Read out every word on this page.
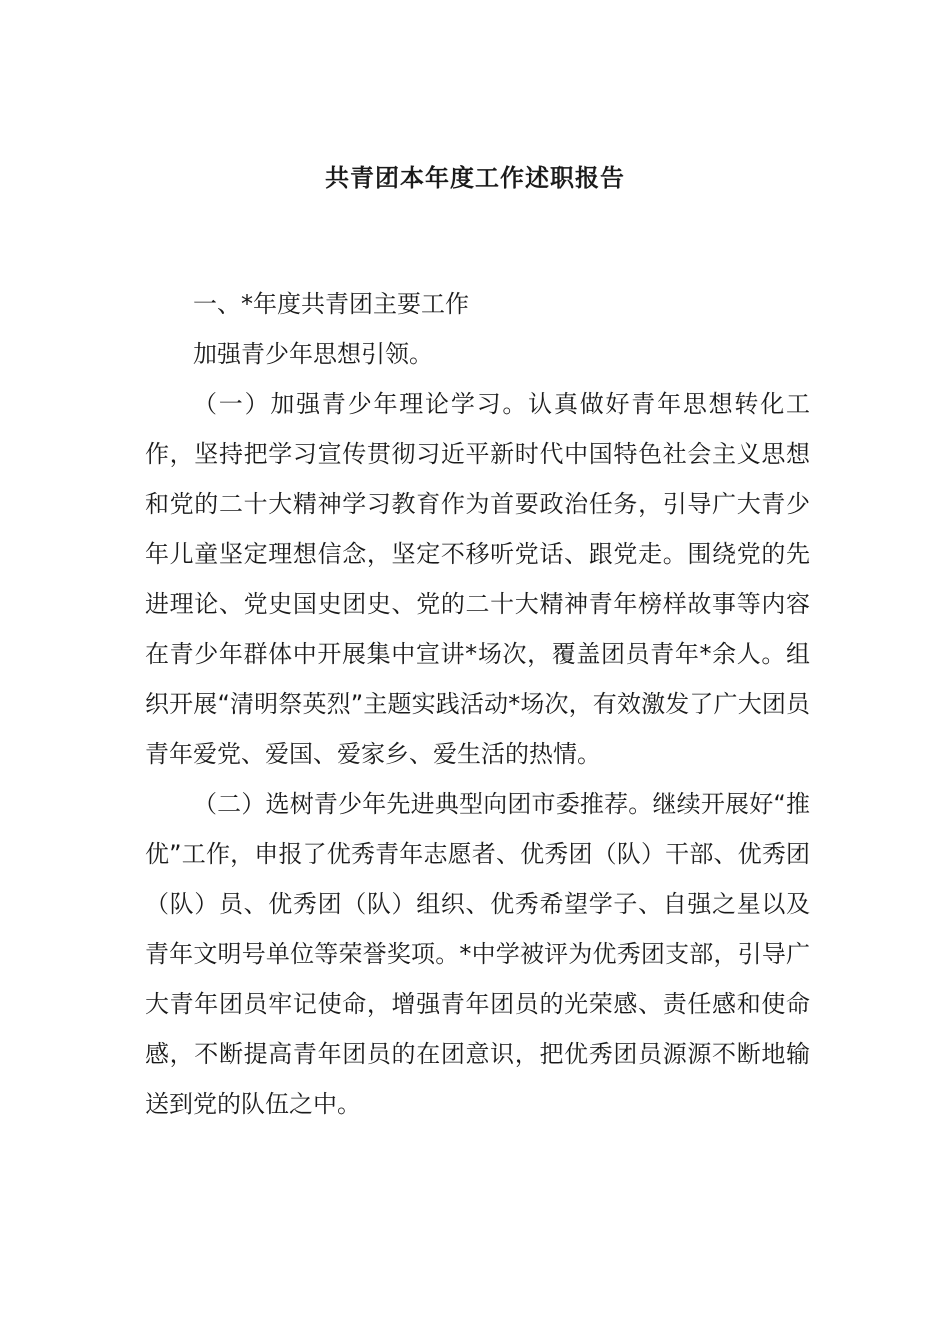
共青团本年度工作述职报告

一、*年度共青团主要工作

加强青少年思想引领。

（一）加强青少年理论学习。认真做好青年思想转化工作，坚持把学习宣传贯彻习近平新时代中国特色社会主义思想和党的二十大精神学习教育作为首要政治任务，引导广大青少年儿童坚定理想信念，坚定不移听党话、跟党走。围绕党的先进理论、党史国史团史、党的二十大精神青年榜样故事等内容在青少年群体中开展集中宣讲*场次，覆盖团员青年*余人。组织开展“清明祭英烈”主题实践活动*场次，有效激发了广大团员青年爱党、爱国、爱家乡、爱生活的热情。

（二）选树青少年先进典型向团市委推荐。继续开展好“推优”工作，申报了优秀青年志愿者、优秀团（队）干部、优秀团（队）员、优秀团（队）组织、优秀希望学子、自强之星以及青年文明号单位等荣誉奖项。*中学被评为优秀团支部，引导广大青年团员牢记使命，增强青年团员的光荣感、责任感和使命感，不断提高青年团员的在团意识，把优秀团员源源不断地输送到党的队伍之中。
